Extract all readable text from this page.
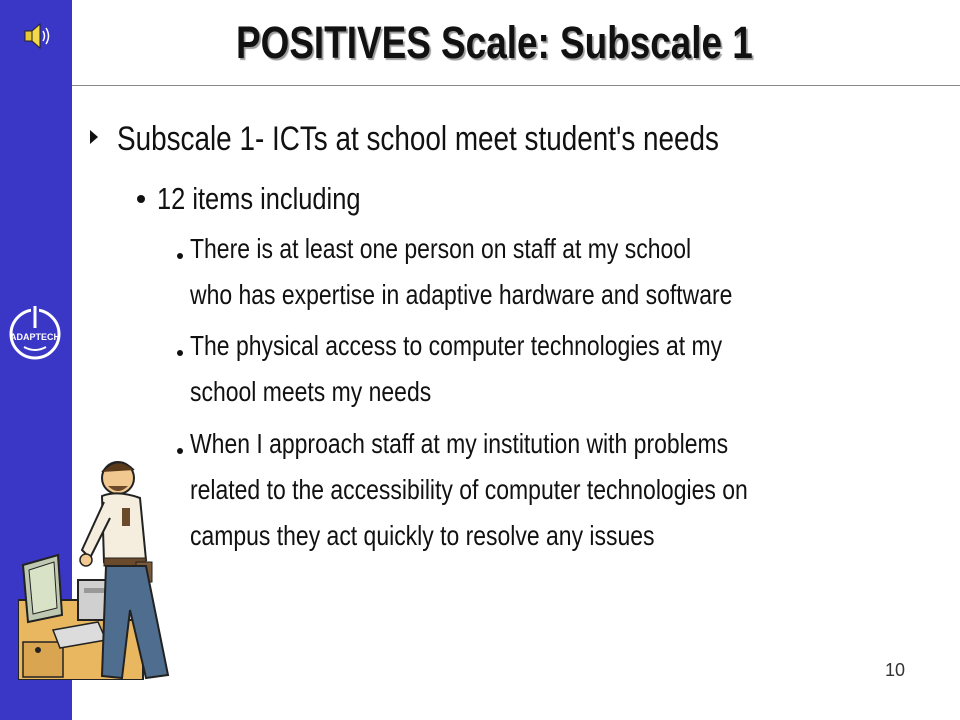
ADAPTECH
POSITIVES Scale: Subscale 1
Subscale 1- ICTs at school meet student's needs
12 items including
There is at least one person on staff at my school
who has expertise in adaptive hardware and software
The physical access to computer technologies at my
school meets my needs
When I approach staff at my institution with problems
related to the accessibility of computer technologies on
campus they act quickly to resolve any issues
10
